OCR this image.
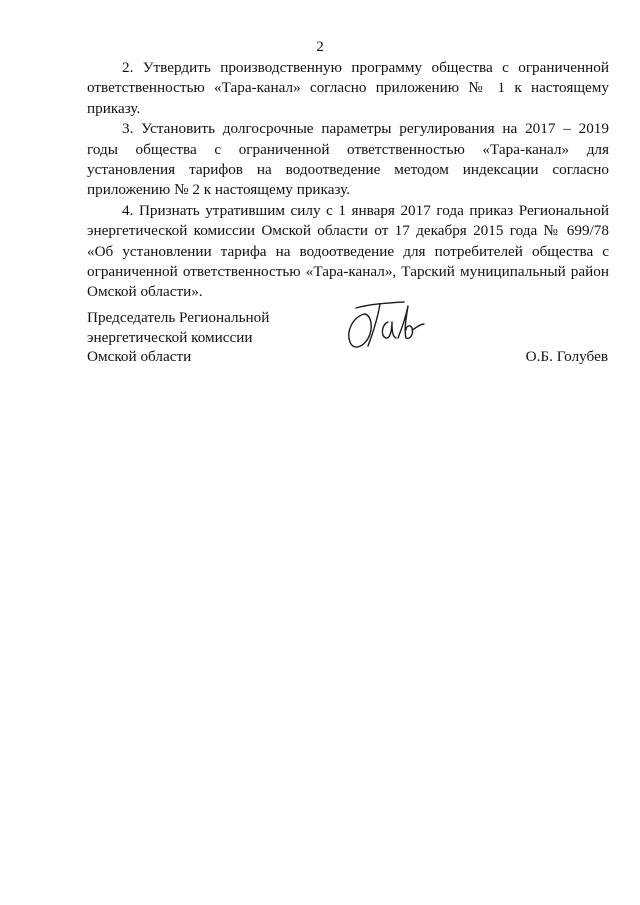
2

2. Утвердить производственную программу общества с ограниченной ответственностью «Тара-канал» согласно приложению № 1 к настоящему приказу.

3. Установить долгосрочные параметры регулирования на 2017 – 2019 годы общества с ограниченной ответственностью «Тара-канал» для установления тарифов на водоотведение методом индексации согласно приложению № 2 к настоящему приказу.

4. Признать утратившим силу с 1 января 2017 года приказ Региональной энергетической комиссии Омской области от 17 декабря 2015 года № 699/78 «Об установлении тарифа на водоотведение для потребителей общества с ограниченной ответственностью «Тара-канал», Тарский муниципальный район Омской области».

Председатель Региональной
энергетической комиссии
Омской области	О.Б. Голубев
